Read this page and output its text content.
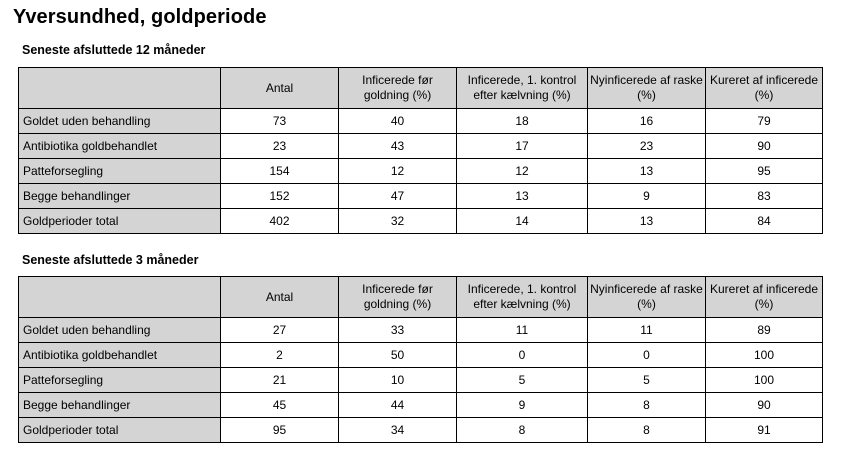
Yversundhed, goldperiode
Seneste afsluttede 12 måneder
	Antal	Inficerede før goldning (%)	Inficerede, 1. kontrol efter kælvning (%)	Nyinficerede af raske (%)	Kureret af inficerede (%)
Goldet uden behandling	73	40	18	16	79
Antibiotika goldbehandlet	23	43	17	23	90
Patteforsegling	154	12	12	13	95
Begge behandlinger	152	47	13	9	83
Goldperioder total	402	32	14	13	84
Seneste afsluttede 3 måneder
	Antal	Inficerede før goldning (%)	Inficerede, 1. kontrol efter kælvning (%)	Nyinficerede af raske (%)	Kureret af inficerede (%)
Goldet uden behandling	27	33	11	11	89
Antibiotika goldbehandlet	2	50	0	0	100
Patteforsegling	21	10	5	5	100
Begge behandlinger	45	44	9	8	90
Goldperioder total	95	34	8	8	91
